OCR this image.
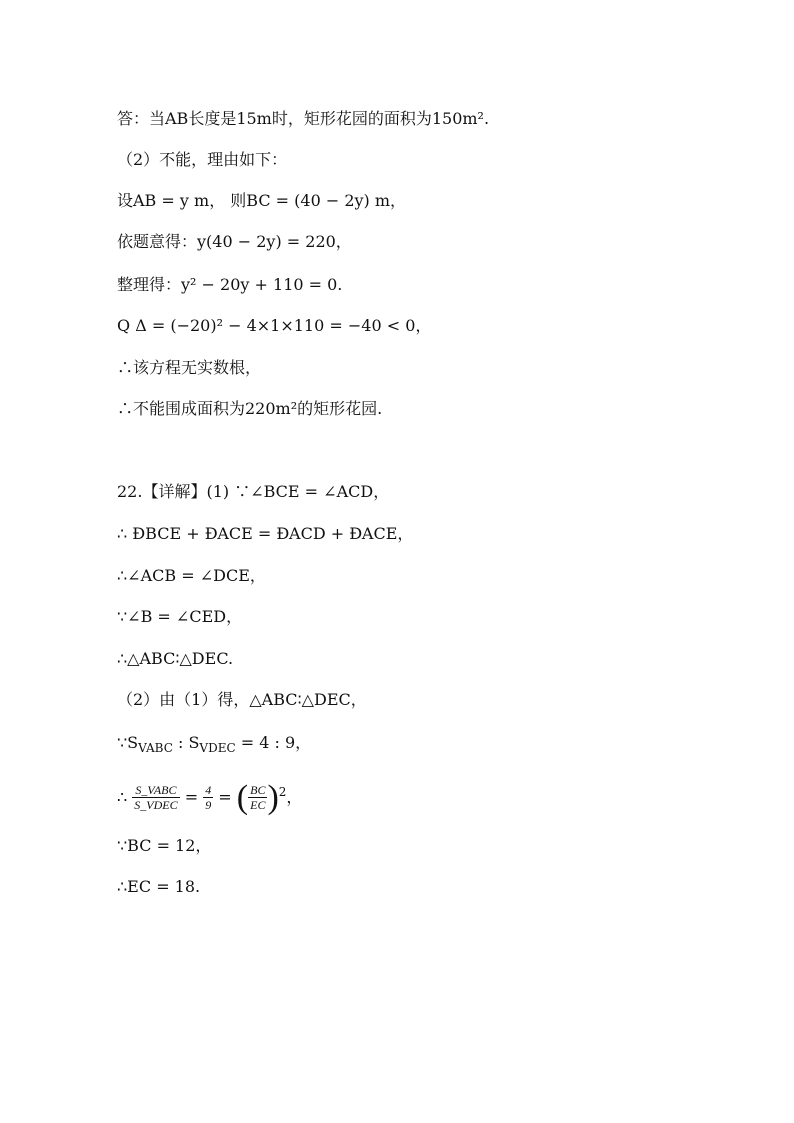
答：当AB长度是15m时，矩形花园的面积为150m².
（2）不能，理由如下：
设AB = y m， 则BC = (40 − 2y) m，
依题意得：y(40 − 2y) = 220，
整理得：y² − 20y + 110 = 0.
Q Δ = (−20)² − 4×1×110 = −40 < 0，
∴该方程无实数根，
∴不能围成面积为220m²的矩形花园.
22.【详解】(1) ∵∠BCE = ∠ACD，
∴ ÐBCE + ÐACE = ÐACD + ÐACE，
∴∠ACB = ∠DCE，
∵∠B = ∠CED，
∴△ABC∶△DEC.
（2）由（1）得，△ABC∶△DEC，
$\because S_{VABC}$ : $S_{VDEC} = 4$ : 9，
∴ $\frac{\text{S\_VABC}}{\text{S\_VDEC}} = \frac{4}{9}$ = ( $\frac{BC}{EC} )^2$，
∵BC = 12，
∴EC = 18.
